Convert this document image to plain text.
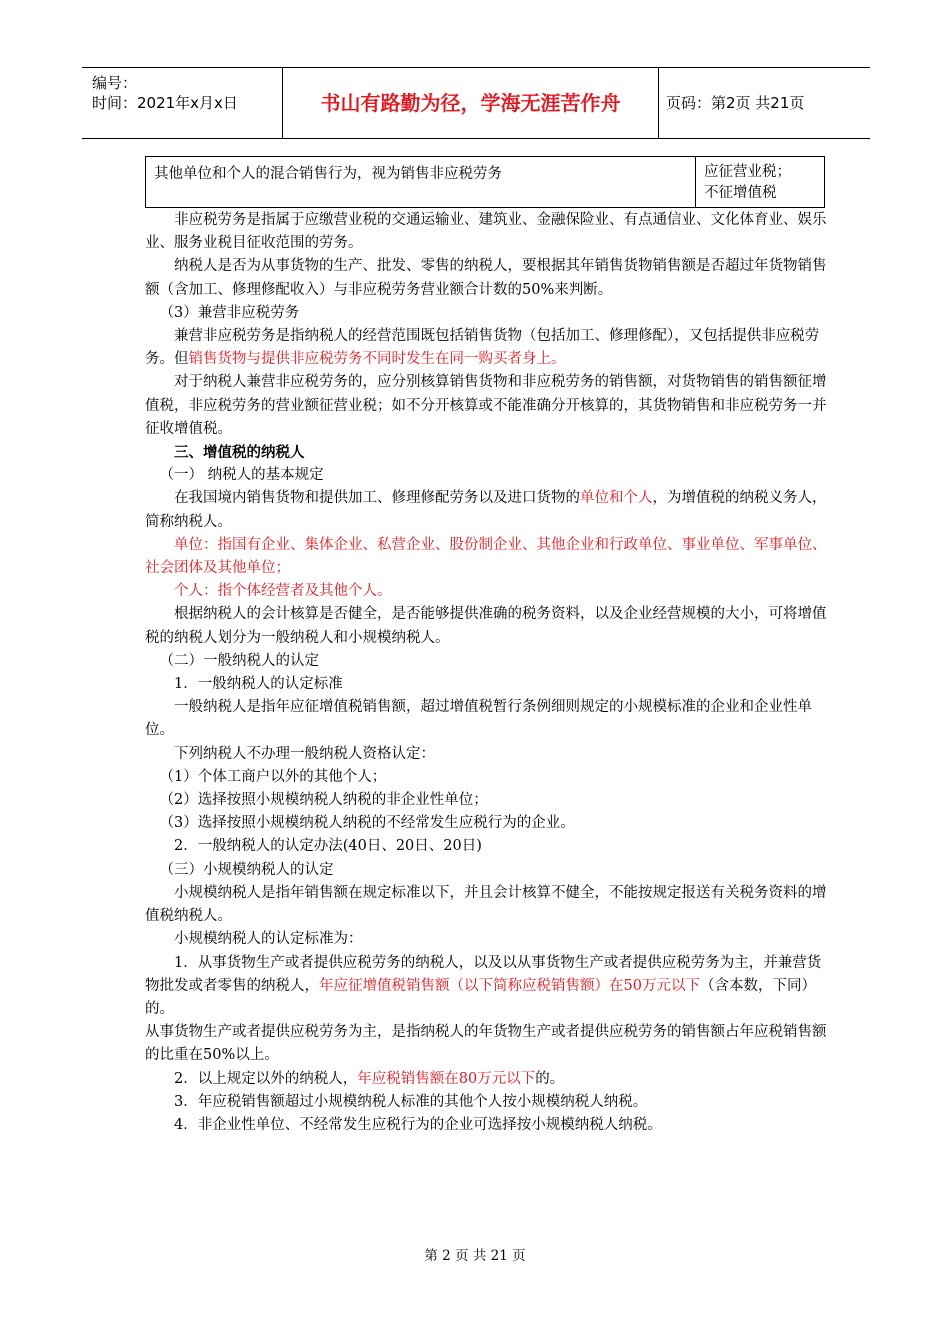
编号：
时间：2021年x月x日	书山有路勤为径，学海无涯苦作舟	页码：第2页 共21页
其他单位和个人的混合销售行为，视为销售非应税劳务	应征营业税；
不征增值税

非应税劳务是指属于应缴营业税的交通运输业、建筑业、金融保险业、有点通信业、文化体育业、娱乐业、服务业税目征收范围的劳务。

纳税人是否为从事货物的生产、批发、零售的纳税人，要根据其年销售货物销售额是否超过年货物销售额（含加工、修理修配收入）与非应税劳务营业额合计数的50%来判断。

（3）兼营非应税劳务

兼营非应税劳务是指纳税人的经营范围既包括销售货物（包括加工、修理修配），又包括提供非应税劳务。但销售货物与提供非应税劳务不同时发生在同一购买者身上。

对于纳税人兼营非应税劳务的，应分别核算销售货物和非应税劳务的销售额，对货物销售的销售额征增值税，非应税劳务的营业额征营业税；如不分开核算或不能准确分开核算的，其货物销售和非应税劳务一并征收增值税。

三、增值税的纳税人

（一） 纳税人的基本规定

在我国境内销售货物和提供加工、修理修配劳务以及进口货物的单位和个人，为增值税的纳税义务人，简称纳税人。

单位：指国有企业、集体企业、私营企业、股份制企业、其他企业和行政单位、事业单位、军事单位、社会团体及其他单位；

个人：指个体经营者及其他个人。

根据纳税人的会计核算是否健全，是否能够提供准确的税务资料，以及企业经营规模的大小，可将增值税的纳税人划分为一般纳税人和小规模纳税人。

（二）一般纳税人的认定

1．一般纳税人的认定标准

一般纳税人是指年应征增值税销售额，超过增值税暂行条例细则规定的小规模标准的企业和企业性单位。

下列纳税人不办理一般纳税人资格认定：

（1）个体工商户以外的其他个人；

（2）选择按照小规模纳税人纳税的非企业性单位；

（3）选择按照小规模纳税人纳税的不经常发生应税行为的企业。

2．一般纳税人的认定办法(40日、20日、20日)

（三）小规模纳税人的认定

小规模纳税人是指年销售额在规定标准以下，并且会计核算不健全，不能按规定报送有关税务资料的增值税纳税人。

小规模纳税人的认定标准为：

1．从事货物生产或者提供应税劳务的纳税人，以及以从事货物生产或者提供应税劳务为主，并兼营货物批发或者零售的纳税人，年应征增值税销售额（以下简称应税销售额）在50万元以下（含本数，下同）的。

从事货物生产或者提供应税劳务为主，是指纳税人的年货物生产或者提供应税劳务的销售额占年应税销售额的比重在50%以上。

2．以上规定以外的纳税人，年应税销售额在80万元以下的。

3．年应税销售额超过小规模纳税人标准的其他个人按小规模纳税人纳税。

4．非企业性单位、不经常发生应税行为的企业可选择按小规模纳税人纳税。

第 2 页 共 21 页
